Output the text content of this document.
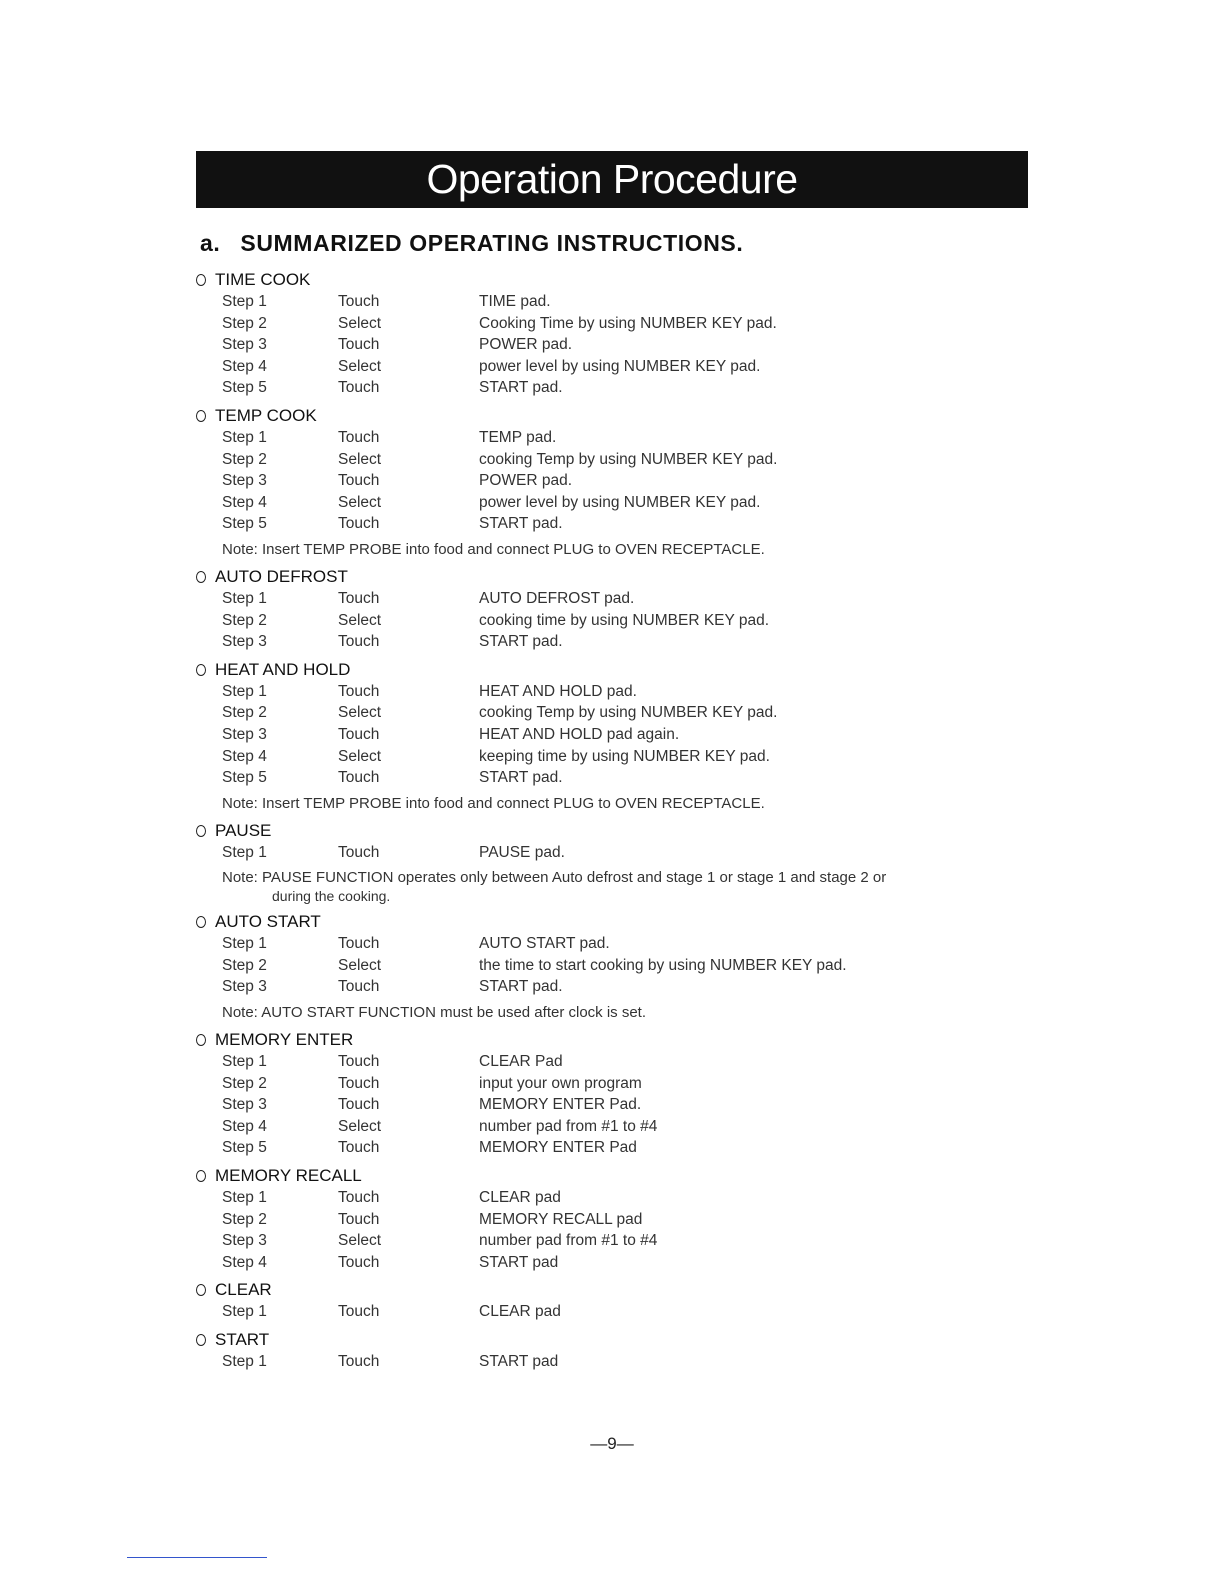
Operation Procedure
a. SUMMARIZED OPERATING INSTRUCTIONS.
TIME COOK
Step 1	Touch	TIME pad.
Step 2	Select	Cooking Time by using NUMBER KEY pad.
Step 3	Touch	POWER pad.
Step 4	Select	power level by using NUMBER KEY pad.
Step 5	Touch	START pad.
TEMP COOK
Step 1	Touch	TEMP pad.
Step 2	Select	cooking Temp by using NUMBER KEY pad.
Step 3	Touch	POWER pad.
Step 4	Select	power level by using NUMBER KEY pad.
Step 5	Touch	START pad.
Note: Insert TEMP PROBE into food and connect PLUG to OVEN RECEPTACLE.
AUTO DEFROST
Step 1	Touch	AUTO DEFROST pad.
Step 2	Select	cooking time by using NUMBER KEY pad.
Step 3	Touch	START pad.
HEAT AND HOLD
Step 1	Touch	HEAT AND HOLD pad.
Step 2	Select	cooking Temp by using NUMBER KEY pad.
Step 3	Touch	HEAT AND HOLD pad again.
Step 4	Select	keeping time by using NUMBER KEY pad.
Step 5	Touch	START pad.
Note: Insert TEMP PROBE into food and connect PLUG to OVEN RECEPTACLE.
PAUSE
Step 1	Touch	PAUSE pad.
Note: PAUSE FUNCTION operates only between Auto defrost and stage 1 or stage 1 and stage 2 or
during the cooking.
AUTO START
Step 1	Touch	AUTO START pad.
Step 2	Select	the time to start cooking by using NUMBER KEY pad.
Step 3	Touch	START pad.
Note: AUTO START FUNCTION must be used after clock is set.
MEMORY ENTER
Step 1	Touch	CLEAR Pad
Step 2	Touch	input your own program
Step 3	Touch	MEMORY ENTER Pad.
Step 4	Select	number pad from #1 to #4
Step 5	Touch	MEMORY ENTER Pad
MEMORY RECALL
Step 1	Touch	CLEAR pad
Step 2	Touch	MEMORY RECALL pad
Step 3	Select	number pad from #1 to #4
Step 4	Touch	START pad
CLEAR
Step 1	Touch	CLEAR pad
START
Step 1	Touch	START pad
—9—
